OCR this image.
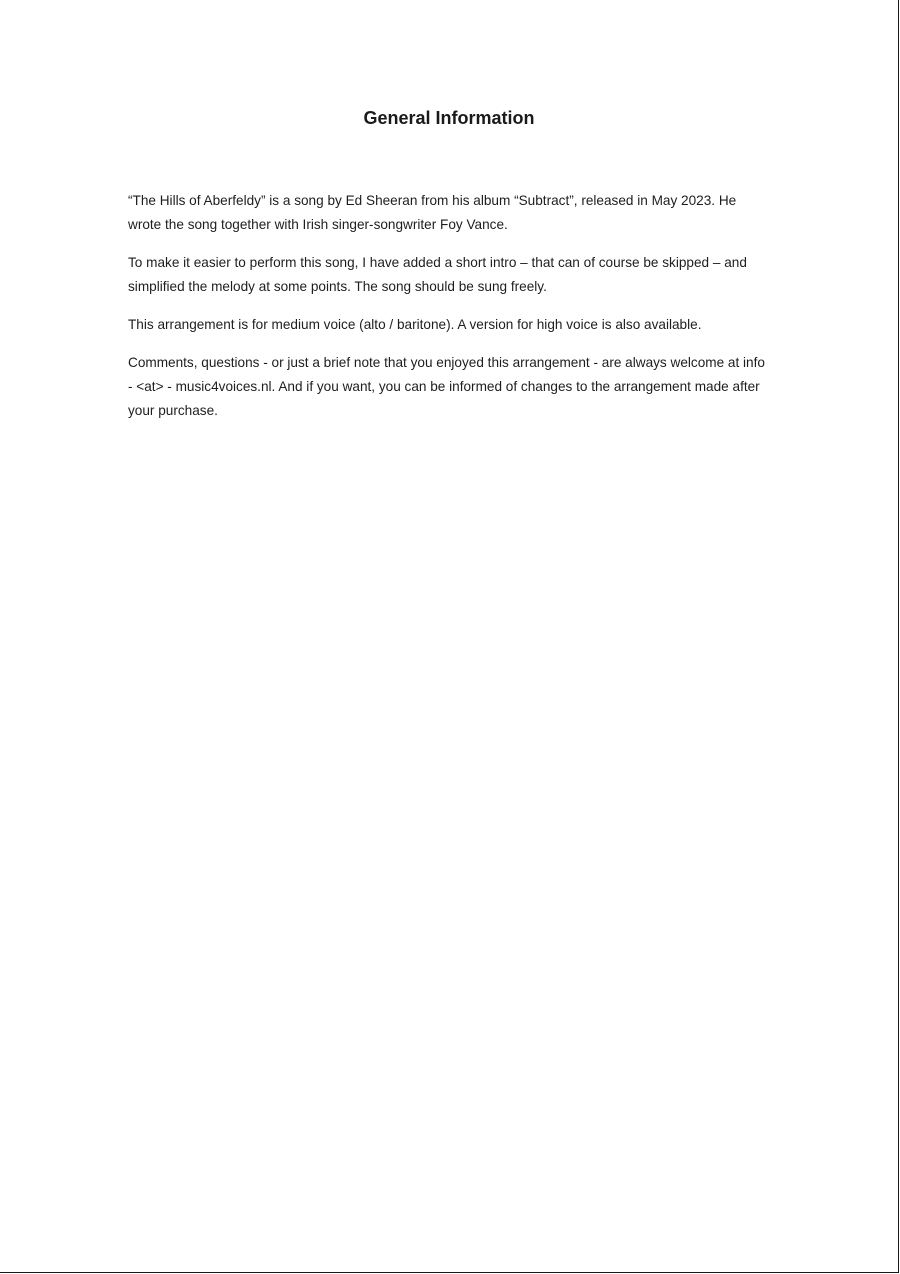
General Information

“The Hills of Aberfeldy” is a song by Ed Sheeran from his album “Subtract”, released in May 2023. He wrote the song together with Irish singer-songwriter Foy Vance.

To make it easier to perform this song, I have added a short intro – that can of course be skipped – and simplified the melody at some points. The song should be sung freely.

This arrangement is for medium voice (alto / baritone). A version for high voice is also available.

Comments, questions - or just a brief note that you enjoyed this arrangement - are always welcome at info - <at> - music4voices.nl. And if you want, you can be informed of changes to the arrangement made after your purchase.
